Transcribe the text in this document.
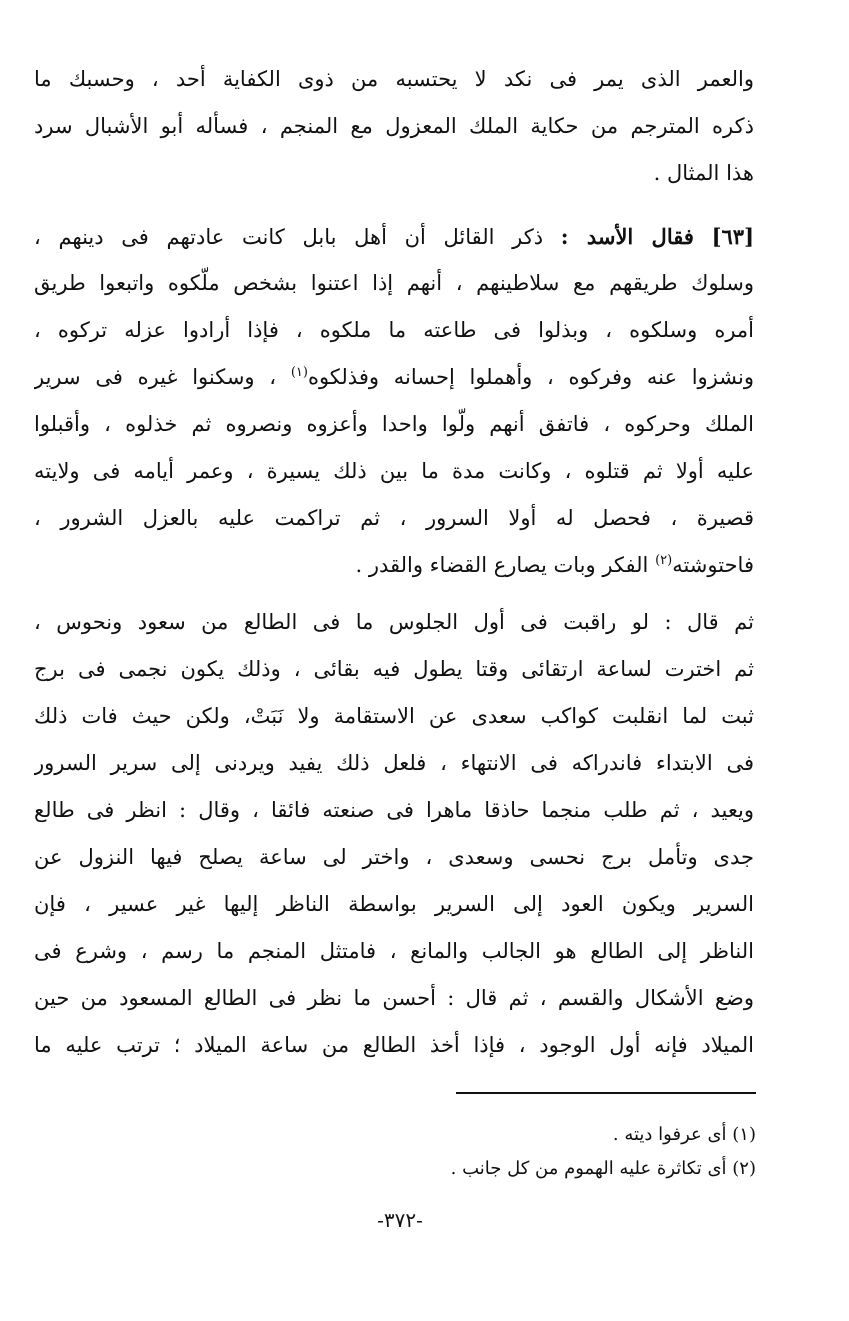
والعمر الذى يمر فى نكد لا يحتسبه من ذوى الكفاية أحد ، وحسبك ما
ذكره المترجم من حكاية الملك المعزول مع المنجم ، فسأله أبو الأشبال سرد
هذا المثال .
[٦٣] فقال الأسد : ذكر القائل أن أهل بابل كانت عادتهم فى دينهم ،
وسلوك طريقهم مع سلاطينهم ، أنهم إذا اعتنوا بشخص ملّكوه واتبعوا طريق
أمره وسلكوه ، وبذلوا فى طاعته ما ملكوه ، فإذا أرادوا عزله تركوه ،
ونشزوا عنه وفركوه ، وأهملوا إحسانه وفذلكوه$^{(١)}$ ، وسكنوا غيره فى سرير
الملك وحركوه ، فاتفق أنهم ولّوا واحدا وأعزوه ونصروه ثم خذلوه ، وأقبلوا
عليه أولا ثم قتلوه ، وكانت مدة ما بين ذلك يسيرة ، وعمر أيامه فى ولايته
قصيرة ، فحصل له أولا السرور ، ثم تراكمت عليه بالعزل الشرور ،
فاحتوشته$^{(٢)}$ الفكر وبات يصارع القضاء والقدر .
ثم قال : لو راقبت فى أول الجلوس ما فى الطالع من سعود ونحوس ،
ثم اخترت لساعة ارتقائى وقتا يطول فيه بقائى ، وذلك يكون نجمى فى برج
ثبت لما انقلبت كواكب سعدى عن الاستقامة ولا نَبَتْ، ولكن حيث فات ذلك
فى الابتداء فاندراكه فى الانتهاء ، فلعل ذلك يفيد ويردنى إلى سرير السرور
ويعيد ، ثم طلب منجما حاذقا ماهرا فى صنعته فائقا ، وقال : انظر فى طالع
جدى وتأمل برج نحسى وسعدى ، واختر لى ساعة يصلح فيها النزول عن
السرير ويكون العود إلى السرير بواسطة الناظر إليها غير عسير ، فإن
الناظر إلى الطالع هو الجالب والمانع ، فامتثل المنجم ما رسم ، وشرع فى
وضع الأشكال والقسم ، ثم قال : أحسن ما نظر فى الطالع المسعود من حين
الميلاد فإنه أول الوجود ، فإذا أخذ الطالع من ساعة الميلاد ؛ ترتب عليه ما
(١) أى عرفوا ديته .
(٢) أى تكاثرة عليه الهموم من كل جانب .
-٣٧٢-
